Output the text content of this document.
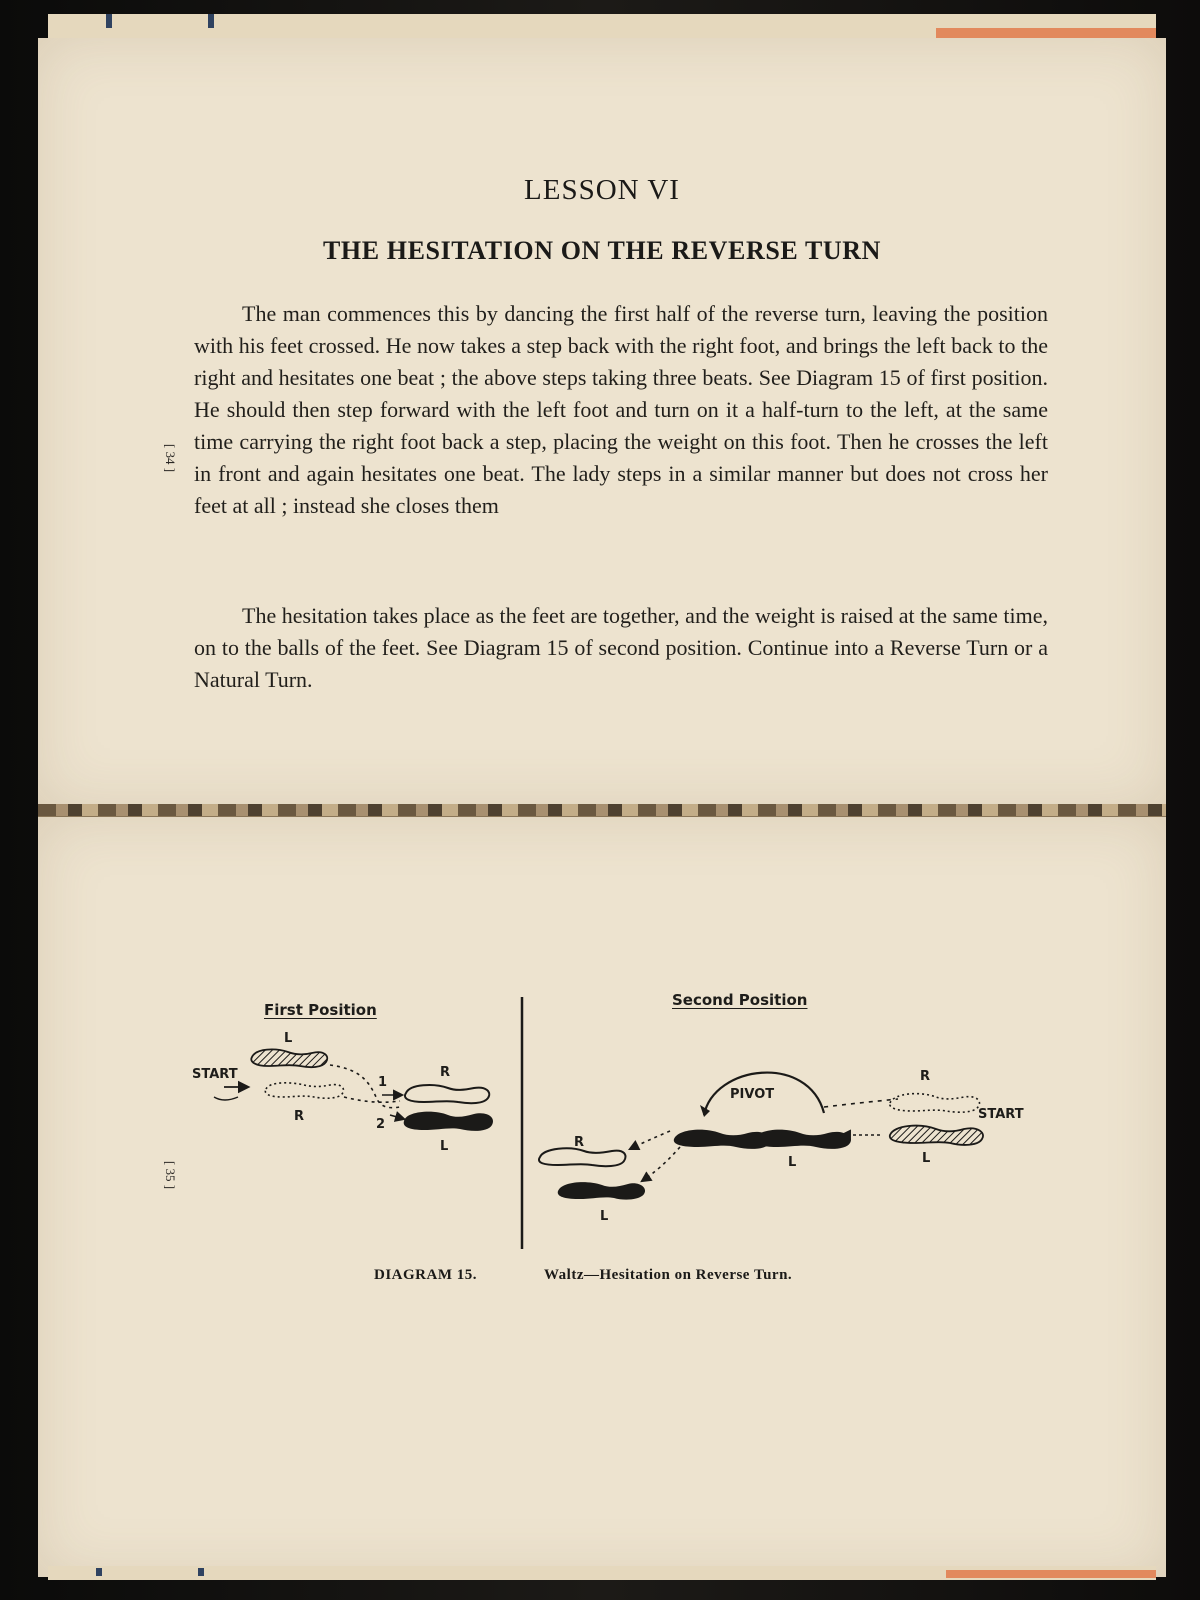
LESSON VI
THE HESITATION ON THE REVERSE TURN

The man commences this by dancing the first half of the reverse turn, leaving the position with his feet crossed. He now takes a step back with the right foot, and brings the left back to the right and hesitates one beat ; the above steps taking three beats. See Diagram 15 of first position. He should then step forward with the left foot and turn on it a half-turn to the left, at the same time carrying the right foot back a step, placing the weight on this foot. Then he crosses the left in front and again hesitates one beat. The lady steps in a similar manner but does not cross her feet at all ; instead she closes them

The hesitation takes place as the feet are together, and the weight is raised at the same time, on to the balls of the feet. See Diagram 15 of second position. Continue into a Reverse Turn or a Natural Turn.

[ 34 ]
[ 35 ]
First Position
Second Position
START
L
R
R
L
1
2
PIVOT
L
R
START
L
R
L
DIAGRAM 15.	Waltz—Hesitation on Reverse Turn.
